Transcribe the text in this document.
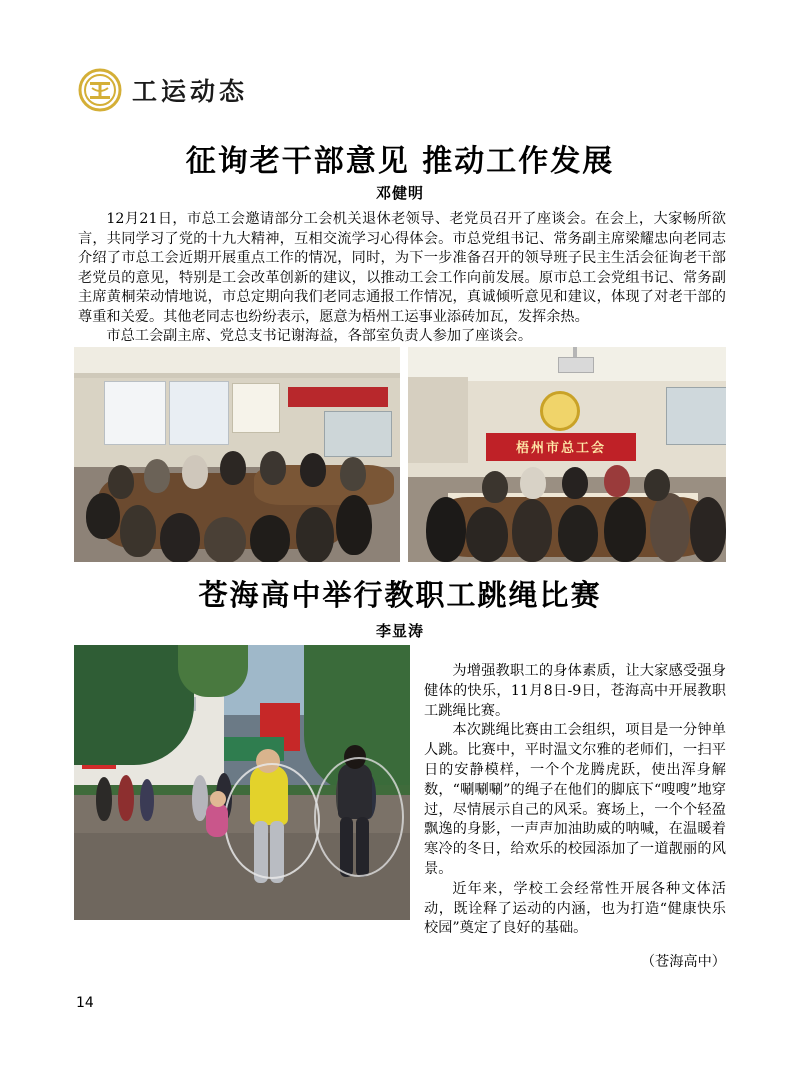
工运动态
征询老干部意见 推动工作发展
邓健明

12月21日，市总工会邀请部分工会机关退休老领导、老党员召开了座谈会。在会上，大家畅所欲言，共同学习了党的十九大精神，互相交流学习心得体会。市总党组书记、常务副主席梁耀忠向老同志介绍了市总工会近期开展重点工作的情况，同时，为下一步准备召开的领导班子民主生活会征询老干部老党员的意见，特别是工会改革创新的建议，以推动工会工作向前发展。原市总工会党组书记、常务副主席黄桐荣动情地说，市总定期向我们老同志通报工作情况，真诚倾听意见和建议，体现了对老干部的尊重和关爱。其他老同志也纷纷表示，愿意为梧州工运事业添砖加瓦，发挥余热。

市总工会副主席、党总支书记谢海益，各部室负责人参加了座谈会。

梧州市总工会
苍海高中举行教职工跳绳比赛
李显涛

为增强教职工的身体素质，让大家感受强身健体的快乐，11月8日-9日，苍海高中开展教职工跳绳比赛。

本次跳绳比赛由工会组织，项目是一分钟单人跳。比赛中，平时温文尔雅的老师们，一扫平日的安静模样，一个个龙腾虎跃，使出浑身解数，“唰唰唰”的绳子在他们的脚底下“嗖嗖”地穿过，尽情展示自己的风采。赛场上，一个个轻盈飘逸的身影，一声声加油助威的呐喊，在温暖着寒冷的冬日，给欢乐的校园添加了一道靓丽的风景。

近年来，学校工会经常性开展各种文体活动，既诠释了运动的内涵，也为打造“健康快乐校园”奠定了良好的基础。

（苍海高中）

14
